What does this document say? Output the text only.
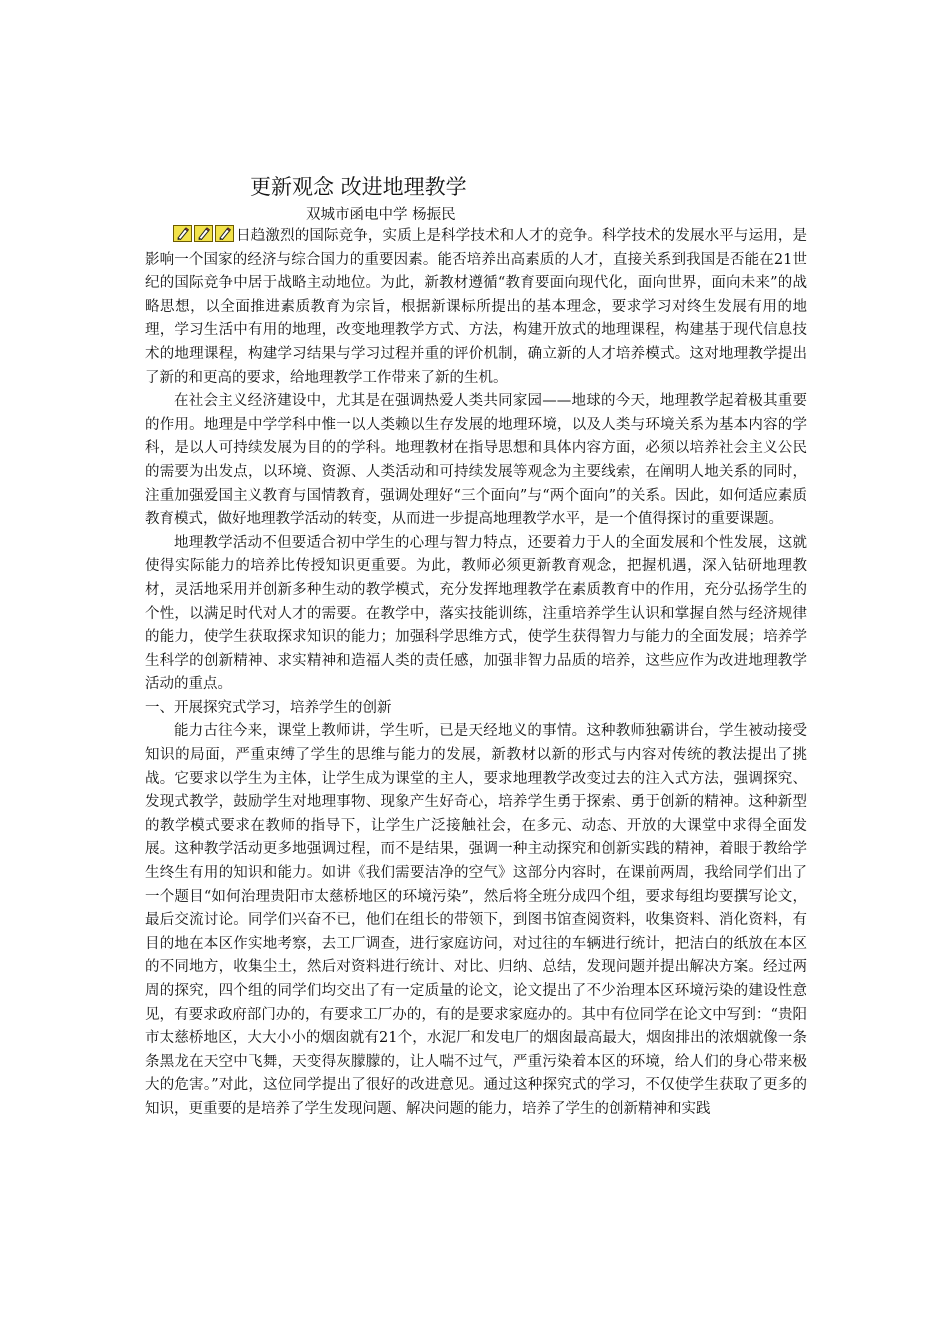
更新观念 改进地理教学
双城市函电中学 杨振民

日趋激烈的国际竞争，实质上是科学技术和人才的竞争。科学技术的发展水平与运用，是影响一个国家的经济与综合国力的重要因素。能否培养出高素质的人才，直接关系到我国是否能在21世纪的国际竞争中居于战略主动地位。为此，新教材遵循“教育要面向现代化，面向世界，面向未来”的战略思想，以全面推进素质教育为宗旨，根据新课标所提出的基本理念，要求学习对终生发展有用的地理，学习生活中有用的地理，改变地理教学方式、方法，构建开放式的地理课程，构建基于现代信息技术的地理课程，构建学习结果与学习过程并重的评价机制，确立新的人才培养模式。这对地理教学提出了新的和更高的要求，给地理教学工作带来了新的生机。

在社会主义经济建设中，尤其是在强调热爱人类共同家园——地球的今天，地理教学起着极其重要的作用。地理是中学学科中惟一以人类赖以生存发展的地理环境，以及人类与环境关系为基本内容的学科，是以人可持续发展为目的的学科。地理教材在指导思想和具体内容方面，必须以培养社会主义公民的需要为出发点，以环境、资源、人类活动和可持续发展等观念为主要线索，在阐明人地关系的同时，注重加强爱国主义教育与国情教育，强调处理好“三个面向”与“两个面向”的关系。因此，如何适应素质教育模式，做好地理教学活动的转变，从而进一步提高地理教学水平，是一个值得探讨的重要课题。

地理教学活动不但要适合初中学生的心理与智力特点，还要着力于人的全面发展和个性发展，这就使得实际能力的培养比传授知识更重要。为此，教师必须更新教育观念，把握机遇，深入钻研地理教材，灵活地采用并创新多种生动的教学模式，充分发挥地理教学在素质教育中的作用，充分弘扬学生的个性，以满足时代对人才的需要。在教学中，落实技能训练，注重培养学生认识和掌握自然与经济规律的能力，使学生获取探求知识的能力；加强科学思维方式，使学生获得智力与能力的全面发展；培养学生科学的创新精神、求实精神和造福人类的责任感，加强非智力品质的培养，这些应作为改进地理教学活动的重点。

一、开展探究式学习，培养学生的创新

能力古往今来，课堂上教师讲，学生听，已是天经地义的事情。这种教师独霸讲台，学生被动接受知识的局面，严重束缚了学生的思维与能力的发展，新教材以新的形式与内容对传统的教法提出了挑战。它要求以学生为主体，让学生成为课堂的主人，要求地理教学改变过去的注入式方法，强调探究、发现式教学，鼓励学生对地理事物、现象产生好奇心，培养学生勇于探索、勇于创新的精神。这种新型的教学模式要求在教师的指导下，让学生广泛接触社会，在多元、动态、开放的大课堂中求得全面发展。这种教学活动更多地强调过程，而不是结果，强调一种主动探究和创新实践的精神，着眼于教给学生终生有用的知识和能力。如讲《我们需要洁净的空气》这部分内容时，在课前两周，我给同学们出了一个题目“如何治理贵阳市太慈桥地区的环境污染”，然后将全班分成四个组，要求每组均要撰写论文，最后交流讨论。同学们兴奋不已，他们在组长的带领下，到图书馆查阅资料，收集资料、消化资料，有目的地在本区作实地考察，去工厂调查，进行家庭访问，对过往的车辆进行统计，把洁白的纸放在本区的不同地方，收集尘土，然后对资料进行统计、对比、归纳、总结，发现问题并提出解决方案。经过两周的探究，四个组的同学们均交出了有一定质量的论文，论文提出了不少治理本区环境污染的建设性意见，有要求政府部门办的，有要求工厂办的，有的是要求家庭办的。其中有位同学在论文中写到：“贵阳市太慈桥地区，大大小小的烟囱就有21个，水泥厂和发电厂的烟囱最高最大，烟囱排出的浓烟就像一条条黑龙在天空中飞舞，天变得灰朦朦的，让人喘不过气，严重污染着本区的环境，给人们的身心带来极大的危害。”对此，这位同学提出了很好的改进意见。通过这种探究式的学习，不仅使学生获取了更多的知识，更重要的是培养了学生发现问题、解决问题的能力，培养了学生的创新精神和实践
